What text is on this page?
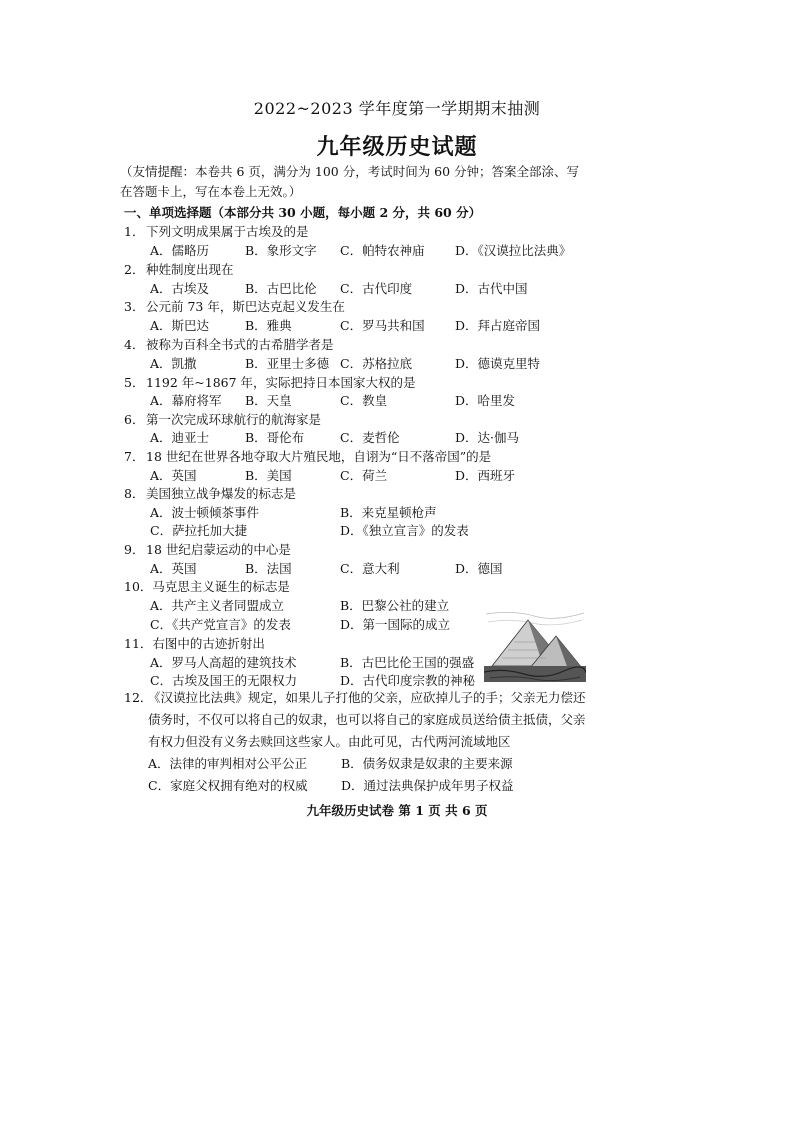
2022~2023 学年度第一学期期末抽测
九年级历史试题
（友情提醒：本卷共 6 页，满分为 100 分，考试时间为 60 分钟；答案全部涂、写在答题卡上，写在本卷上无效。）
一、单项选择题（本部分共 30 小题，每小题 2 分，共 60 分）
1． 下列文明成果属于古埃及的是
A．儒略历	B．象形文字 C．帕特农神庙 D．《汉谟拉比法典》
2． 种姓制度出现在
A．古埃及	B．古巴比伦 C．古代印度	D．古代中国
3． 公元前 73 年，斯巴达克起义发生在
A．斯巴达	B．雅典	C．罗马共和国 D．拜占庭帝国
4． 被称为百科全书式的古希腊学者是
A．凯撒	B．亚里士多德 C．苏格拉底	D．德谟克里特
5． 1192 年~1867 年，实际把持日本国家大权的是
A．幕府将军 B．天皇	C．教皇	D．哈里发
6． 第一次完成环球航行的航海家是
A．迪亚士	B．哥伦布	C．麦哲伦	D．达·伽马
7． 18 世纪在世界各地夺取大片殖民地，自诩为“日不落帝国”的是
A．英国	B．美国	C．荷兰	D．西班牙
8． 美国独立战争爆发的标志是
A．波士顿倾茶事件	B．来克星顿枪声
C．萨拉托加大捷	D．《独立宣言》的发表
9． 18 世纪启蒙运动的中心是
A．英国	B．法国	C．意大利	D．德国
10．马克思主义诞生的标志是
A．共产主义者同盟成立	B．巴黎公社的建立
C．《共产党宣言》的发表	D．第一国际的成立
11．右图中的古迹折射出
A．罗马人高超的建筑技术	B．古巴比伦王国的强盛
C．古埃及国王的无限权力	D．古代印度宗教的神秘
12．《汉谟拉比法典》规定，如果儿子打他的父亲，应砍掉儿子的手；父亲无力偿还债务时，不仅可以将自己的奴隶，也可以将自己的家庭成员送给债主抵债，父亲有权力但没有义务去赎回这些家人。由此可见，古代两河流域地区
A．法律的审判相对公平公正	B．债务奴隶是奴隶的主要来源
C．家庭父权拥有绝对的权威	D．通过法典保护成年男子权益
九年级历史试卷 第 1 页 共 6 页
